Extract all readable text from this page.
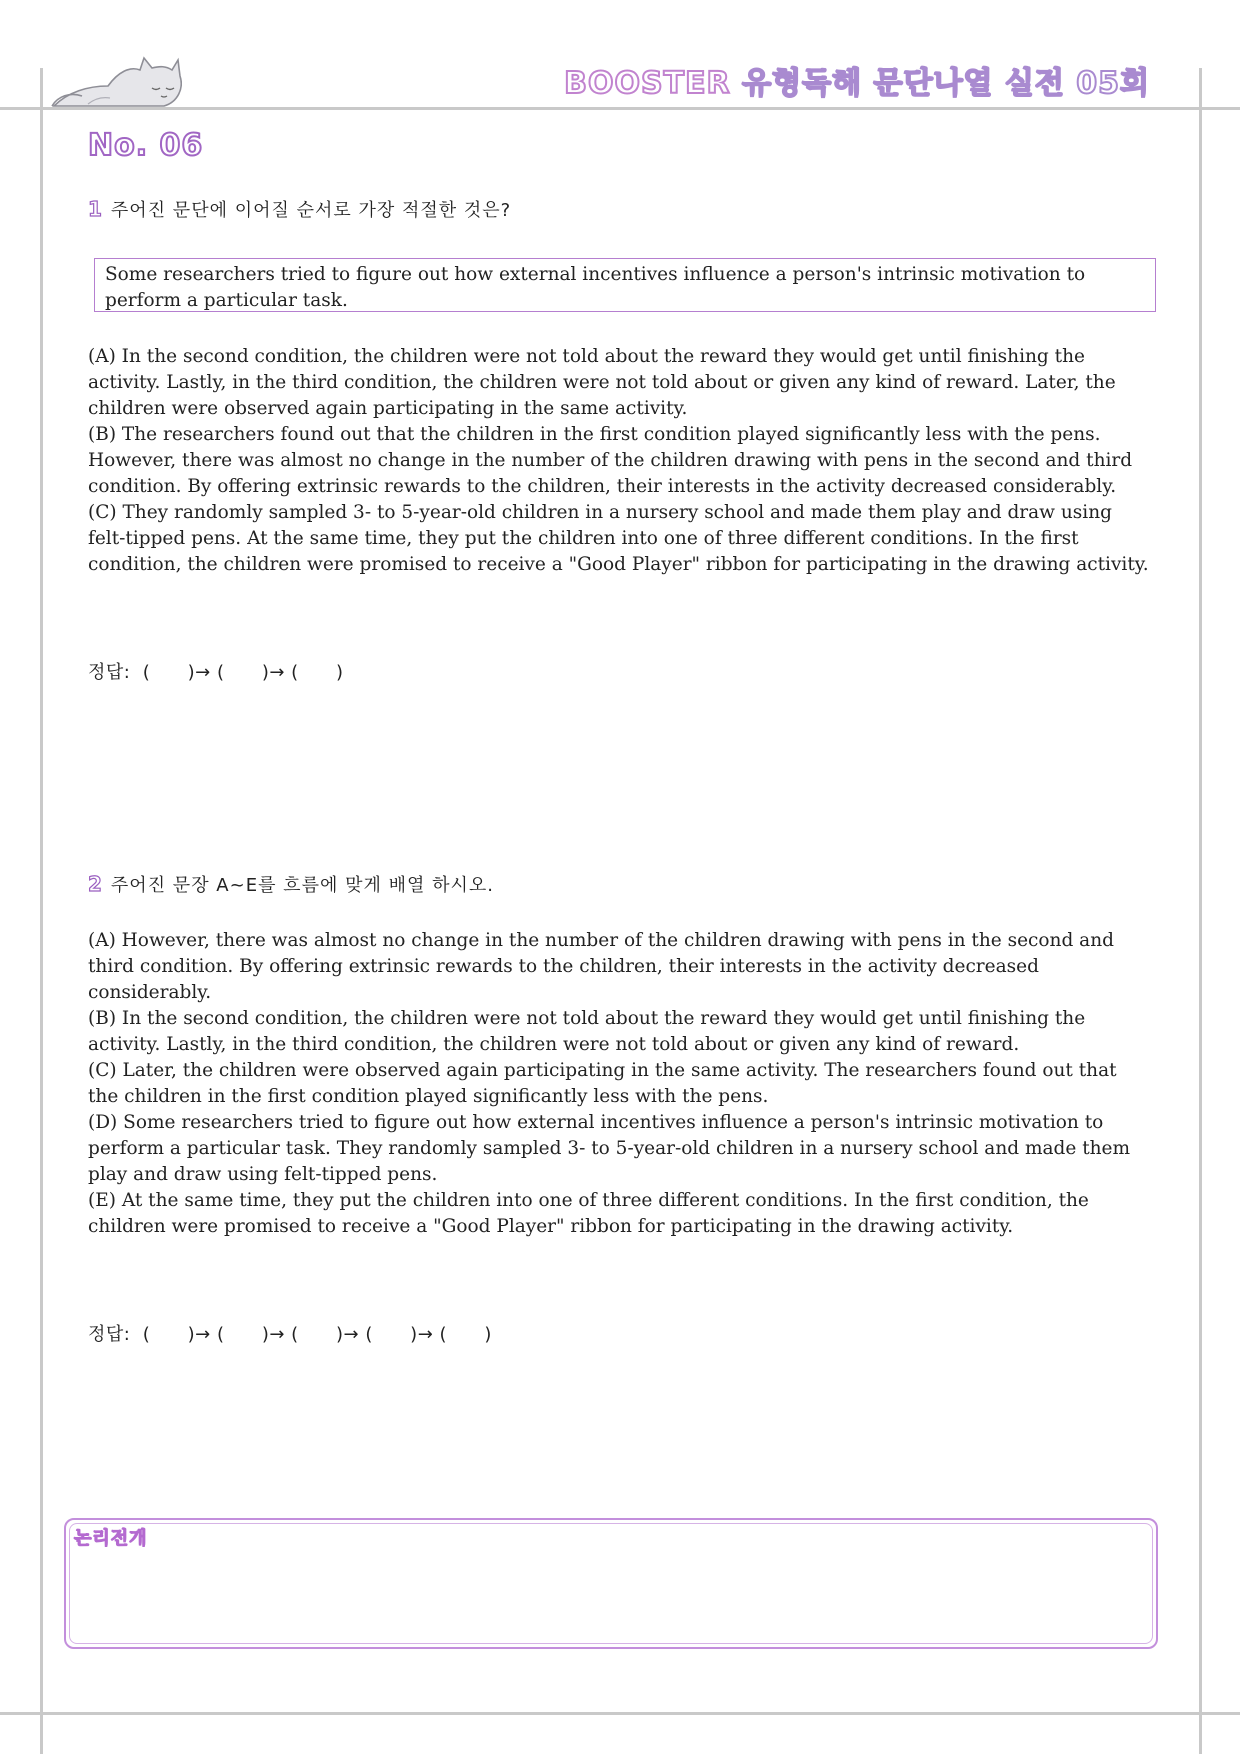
BOOSTER 유형독해 문단나열 실전 05회
No. 06
1 주어진 문단에 이어질 순서로 가장 적절한 것은?
Some researchers tried to figure out how external incentives influence a person's intrinsic motivation to perform a particular task.

(A) In the second condition, the children were not told about the reward they would get until finishing the activity. Lastly, in the third condition, the children were not told about or given any kind of reward. Later, the children were observed again participating in the same activity.

(B) The researchers found out that the children in the first condition played significantly less with the pens. However, there was almost no change in the number of the children drawing with pens in the second and third condition. By offering extrinsic rewards to the children, their interests in the activity decreased considerably.

(C) They randomly sampled 3- to 5-year-old children in a nursery school and made them play and draw using felt-tipped pens. At the same time, they put the children into one of three different conditions. In the first condition, the children were promised to receive a "Good Player" ribbon for participating in the drawing activity.

정답:  (      )→ (      )→ (      )
2 주어진 문장 A~E를 흐름에 맞게 배열 하시오.

(A) However, there was almost no change in the number of the children drawing with pens in the second and third condition. By offering extrinsic rewards to the children, their interests in the activity decreased considerably.

(B) In the second condition, the children were not told about the reward they would get until finishing the activity. Lastly, in the third condition, the children were not told about or given any kind of reward.

(C) Later, the children were observed again participating in the same activity. The researchers found out that the children in the first condition played significantly less with the pens.

(D) Some researchers tried to figure out how external incentives influence a person's intrinsic motivation to perform a particular task. They randomly sampled 3- to 5-year-old children in a nursery school and made them play and draw using felt-tipped pens.

(E) At the same time, they put the children into one of three different conditions. In the first condition, the children were promised to receive a "Good Player" ribbon for participating in the drawing activity.

정답:  (      )→ (      )→ (      )→ (      )→ (      )
논리전개
